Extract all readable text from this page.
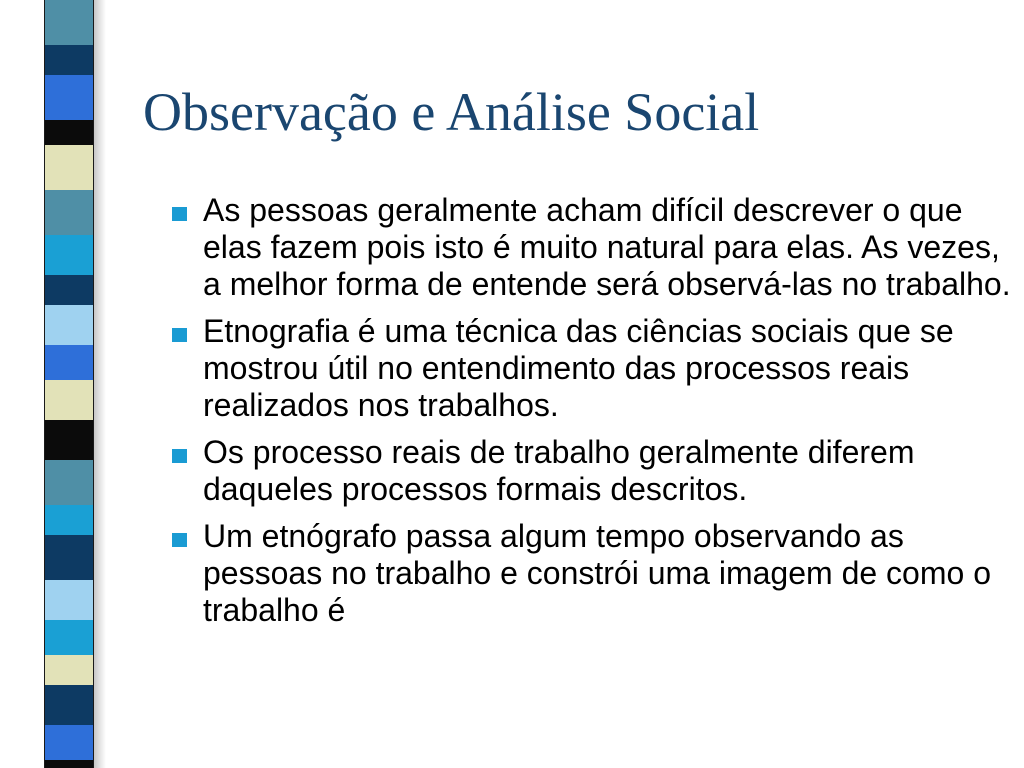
Observação e Análise Social
As pessoas geralmente acham difícil descrever o que elas fazem pois isto é muito natural para elas. As vezes, a melhor forma de entende será observá-las no trabalho.
Etnografia é uma técnica das ciências sociais que se mostrou útil no entendimento das processos reais realizados nos trabalhos.
Os processo reais de trabalho geralmente diferem daqueles processos formais descritos.
Um etnógrafo passa algum tempo observando as pessoas no trabalho e constrói uma imagem de como o trabalho é
